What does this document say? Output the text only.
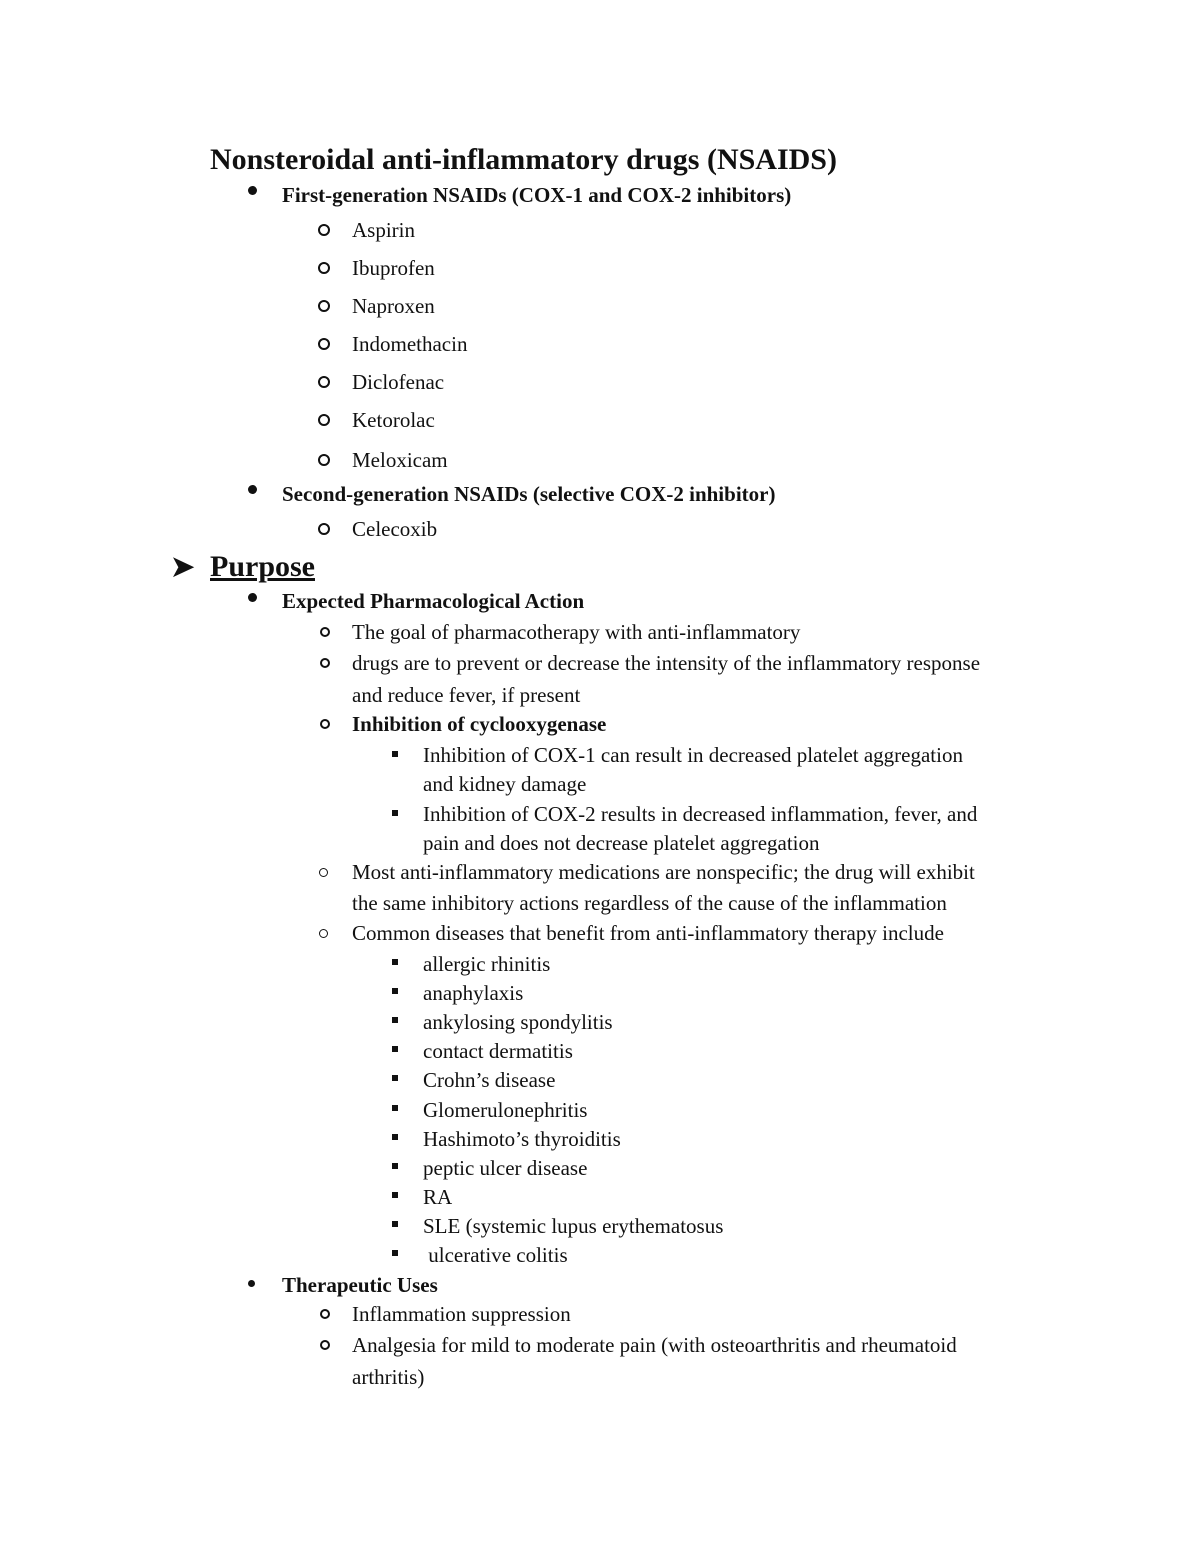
Nonsteroidal anti-inflammatory drugs (NSAIDS)
First-generation NSAIDs (COX-1 and COX-2 inhibitors)
Aspirin
Ibuprofen
Naproxen
Indomethacin
Diclofenac
Ketorolac
Meloxicam
Second-generation NSAIDs (selective COX-2 inhibitor)
Celecoxib
➤ Purpose
Expected Pharmacological Action
The goal of pharmacotherapy with anti-inflammatory
drugs are to prevent or decrease the intensity of the inflammatory response
and reduce fever, if present
Inhibition of cyclooxygenase
Inhibition of COX-1 can result in decreased platelet aggregation
and kidney damage
Inhibition of COX-2 results in decreased inflammation, fever, and
pain and does not decrease platelet aggregation
Most anti-inflammatory medications are nonspecific; the drug will exhibit
the same inhibitory actions regardless of the cause of the inflammation
Common diseases that benefit from anti-inflammatory therapy include
allergic rhinitis
anaphylaxis
ankylosing spondylitis
contact dermatitis
Crohn’s disease
Glomerulonephritis
Hashimoto’s thyroiditis
peptic ulcer disease
RA
SLE (systemic lupus erythematosus
ulcerative colitis
Therapeutic Uses
Inflammation suppression
Analgesia for mild to moderate pain (with osteoarthritis and rheumatoid
arthritis)
